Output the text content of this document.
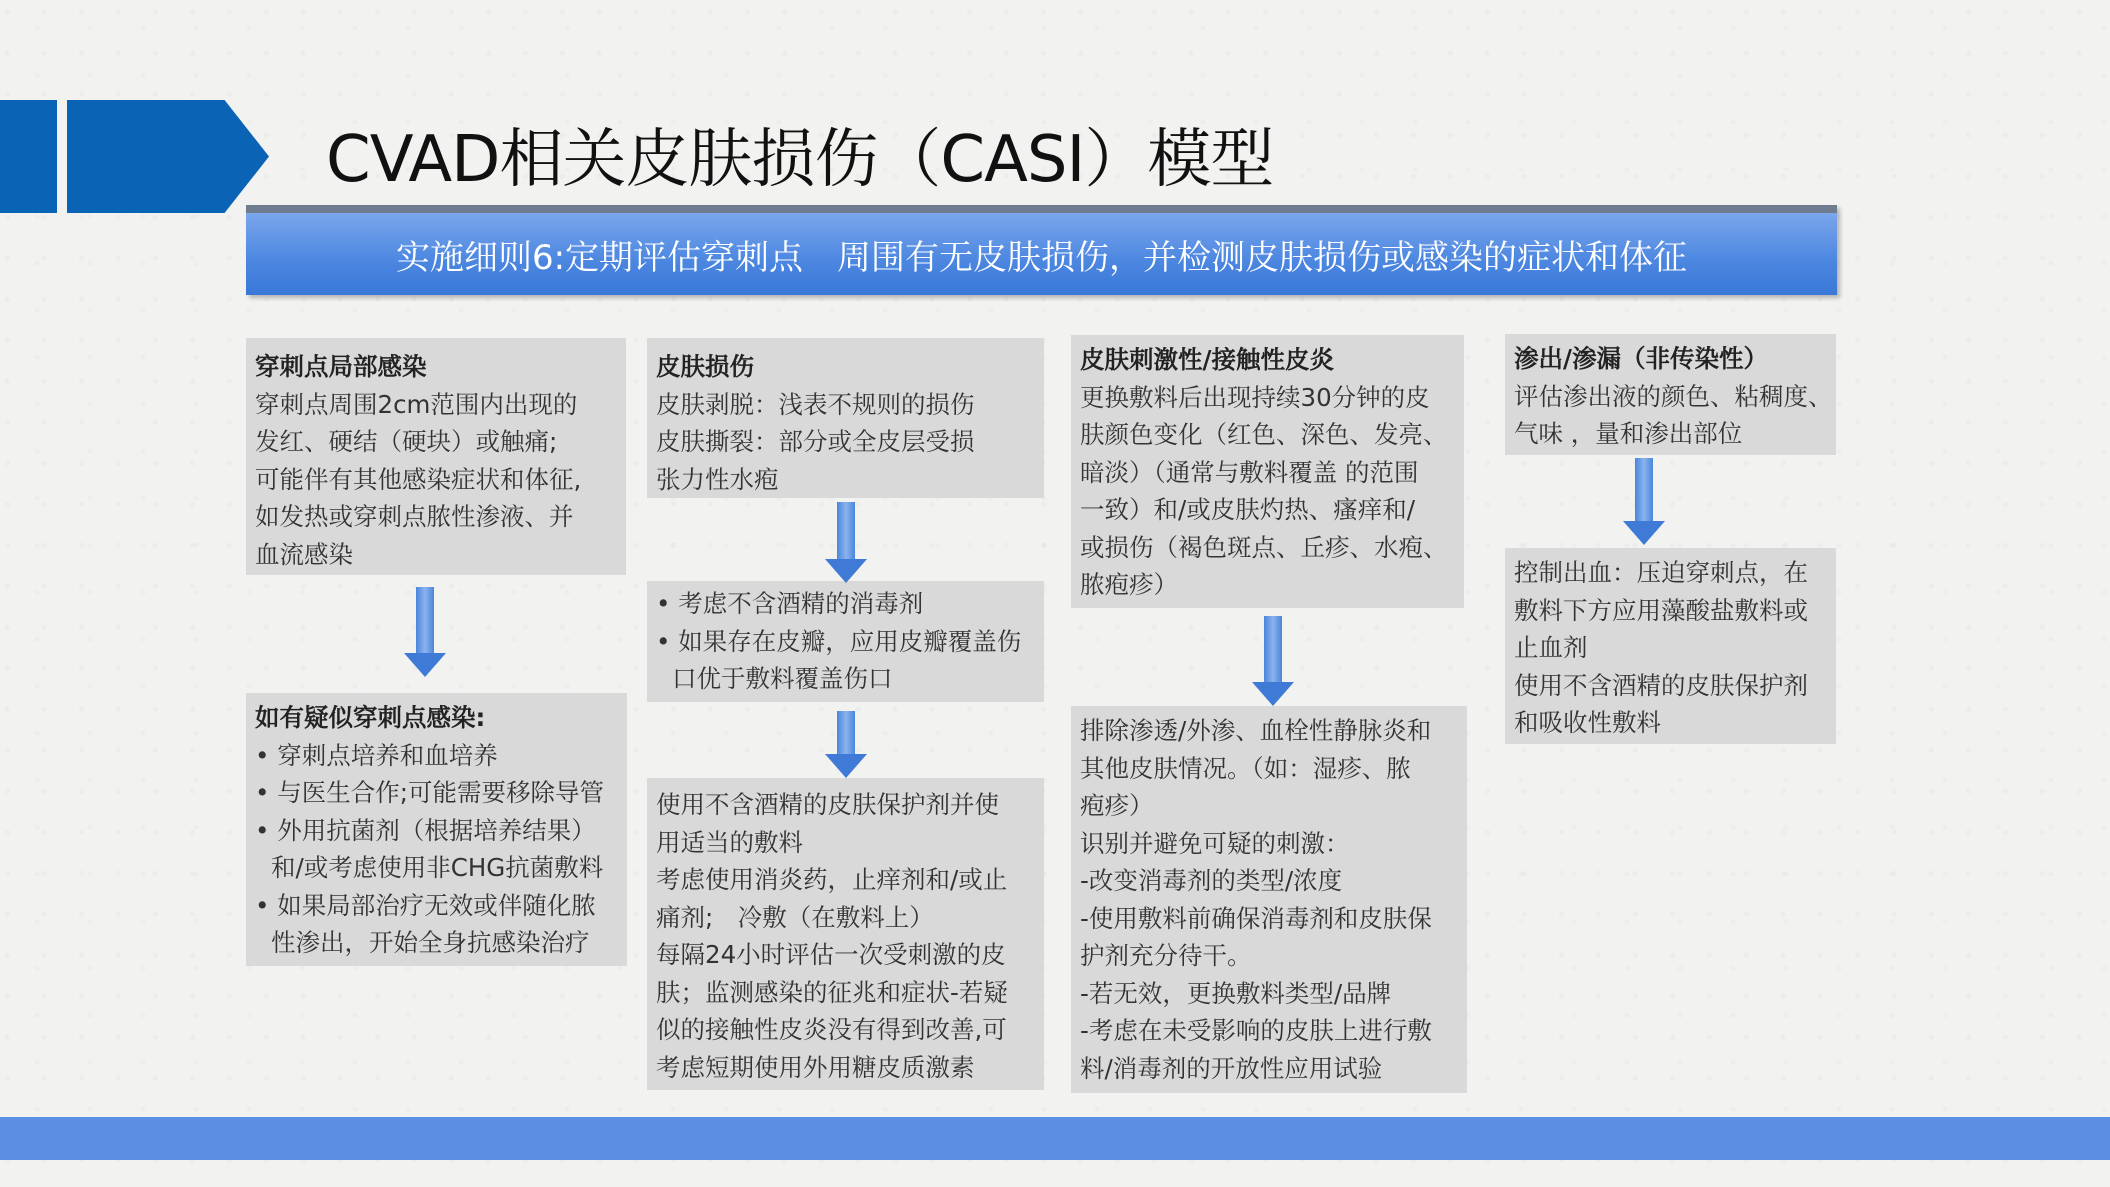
CVAD相关皮肤损伤（CASI）模型
实施细则6:定期评估穿刺点　周围有无皮肤损伤，并检测皮肤损伤或感染的症状和体征
穿刺点局部感染
穿刺点周围2cm范围内出现的
发红、硬结（硬块）或触痛;
可能伴有其他感染症状和体征,
如发热或穿刺点脓性渗液、并
血流感染
如有疑似穿刺点感染:
• 穿刺点培养和血培养
• 与医生合作;可能需要移除导管
• 外用抗菌剂（根据培养结果）和/或考虑使用非CHG抗菌敷料
• 如果局部治疗无效或伴随化脓性渗出，开始全身抗感染治疗
皮肤损伤
皮肤剥脱：浅表不规则的损伤
皮肤撕裂：部分或全皮层受损
张力性水疱
• 考虑不含酒精的消毒剂
• 如果存在皮瓣，应用皮瓣覆盖伤口优于敷料覆盖伤口
使用不含酒精的皮肤保护剂并使
用适当的敷料
考虑使用消炎药，止痒剂和/或止
痛剂;　冷敷（在敷料上）
每隔24小时评估一次受刺激的皮
肤；监测感染的征兆和症状-若疑
似的接触性皮炎没有得到改善,可
考虑短期使用外用糖皮质激素
皮肤刺激性/接触性皮炎
更换敷料后出现持续30分钟的皮
肤颜色变化（红色、深色、发亮、
暗淡）（通常与敷料覆盖 的范围
一致）和/或皮肤灼热、瘙痒和/
或损伤（褐色斑点、丘疹、水疱、
脓疱疹）
排除渗透/外渗、血栓性静脉炎和
其他皮肤情况。（如：湿疹、脓
疱疹）
识别并避免可疑的刺激：
-改变消毒剂的类型/浓度
-使用敷料前确保消毒剂和皮肤保
护剂充分待干。
-若无效，更换敷料类型/品牌
-考虑在未受影响的皮肤上进行敷
料/消毒剂的开放性应用试验
渗出/渗漏（非传染性）
评估渗出液的颜色、粘稠度、
气味 ，量和渗出部位
控制出血：压迫穿刺点，在
敷料下方应用藻酸盐敷料或
止血剂
使用不含酒精的皮肤保护剂
和吸收性敷料
